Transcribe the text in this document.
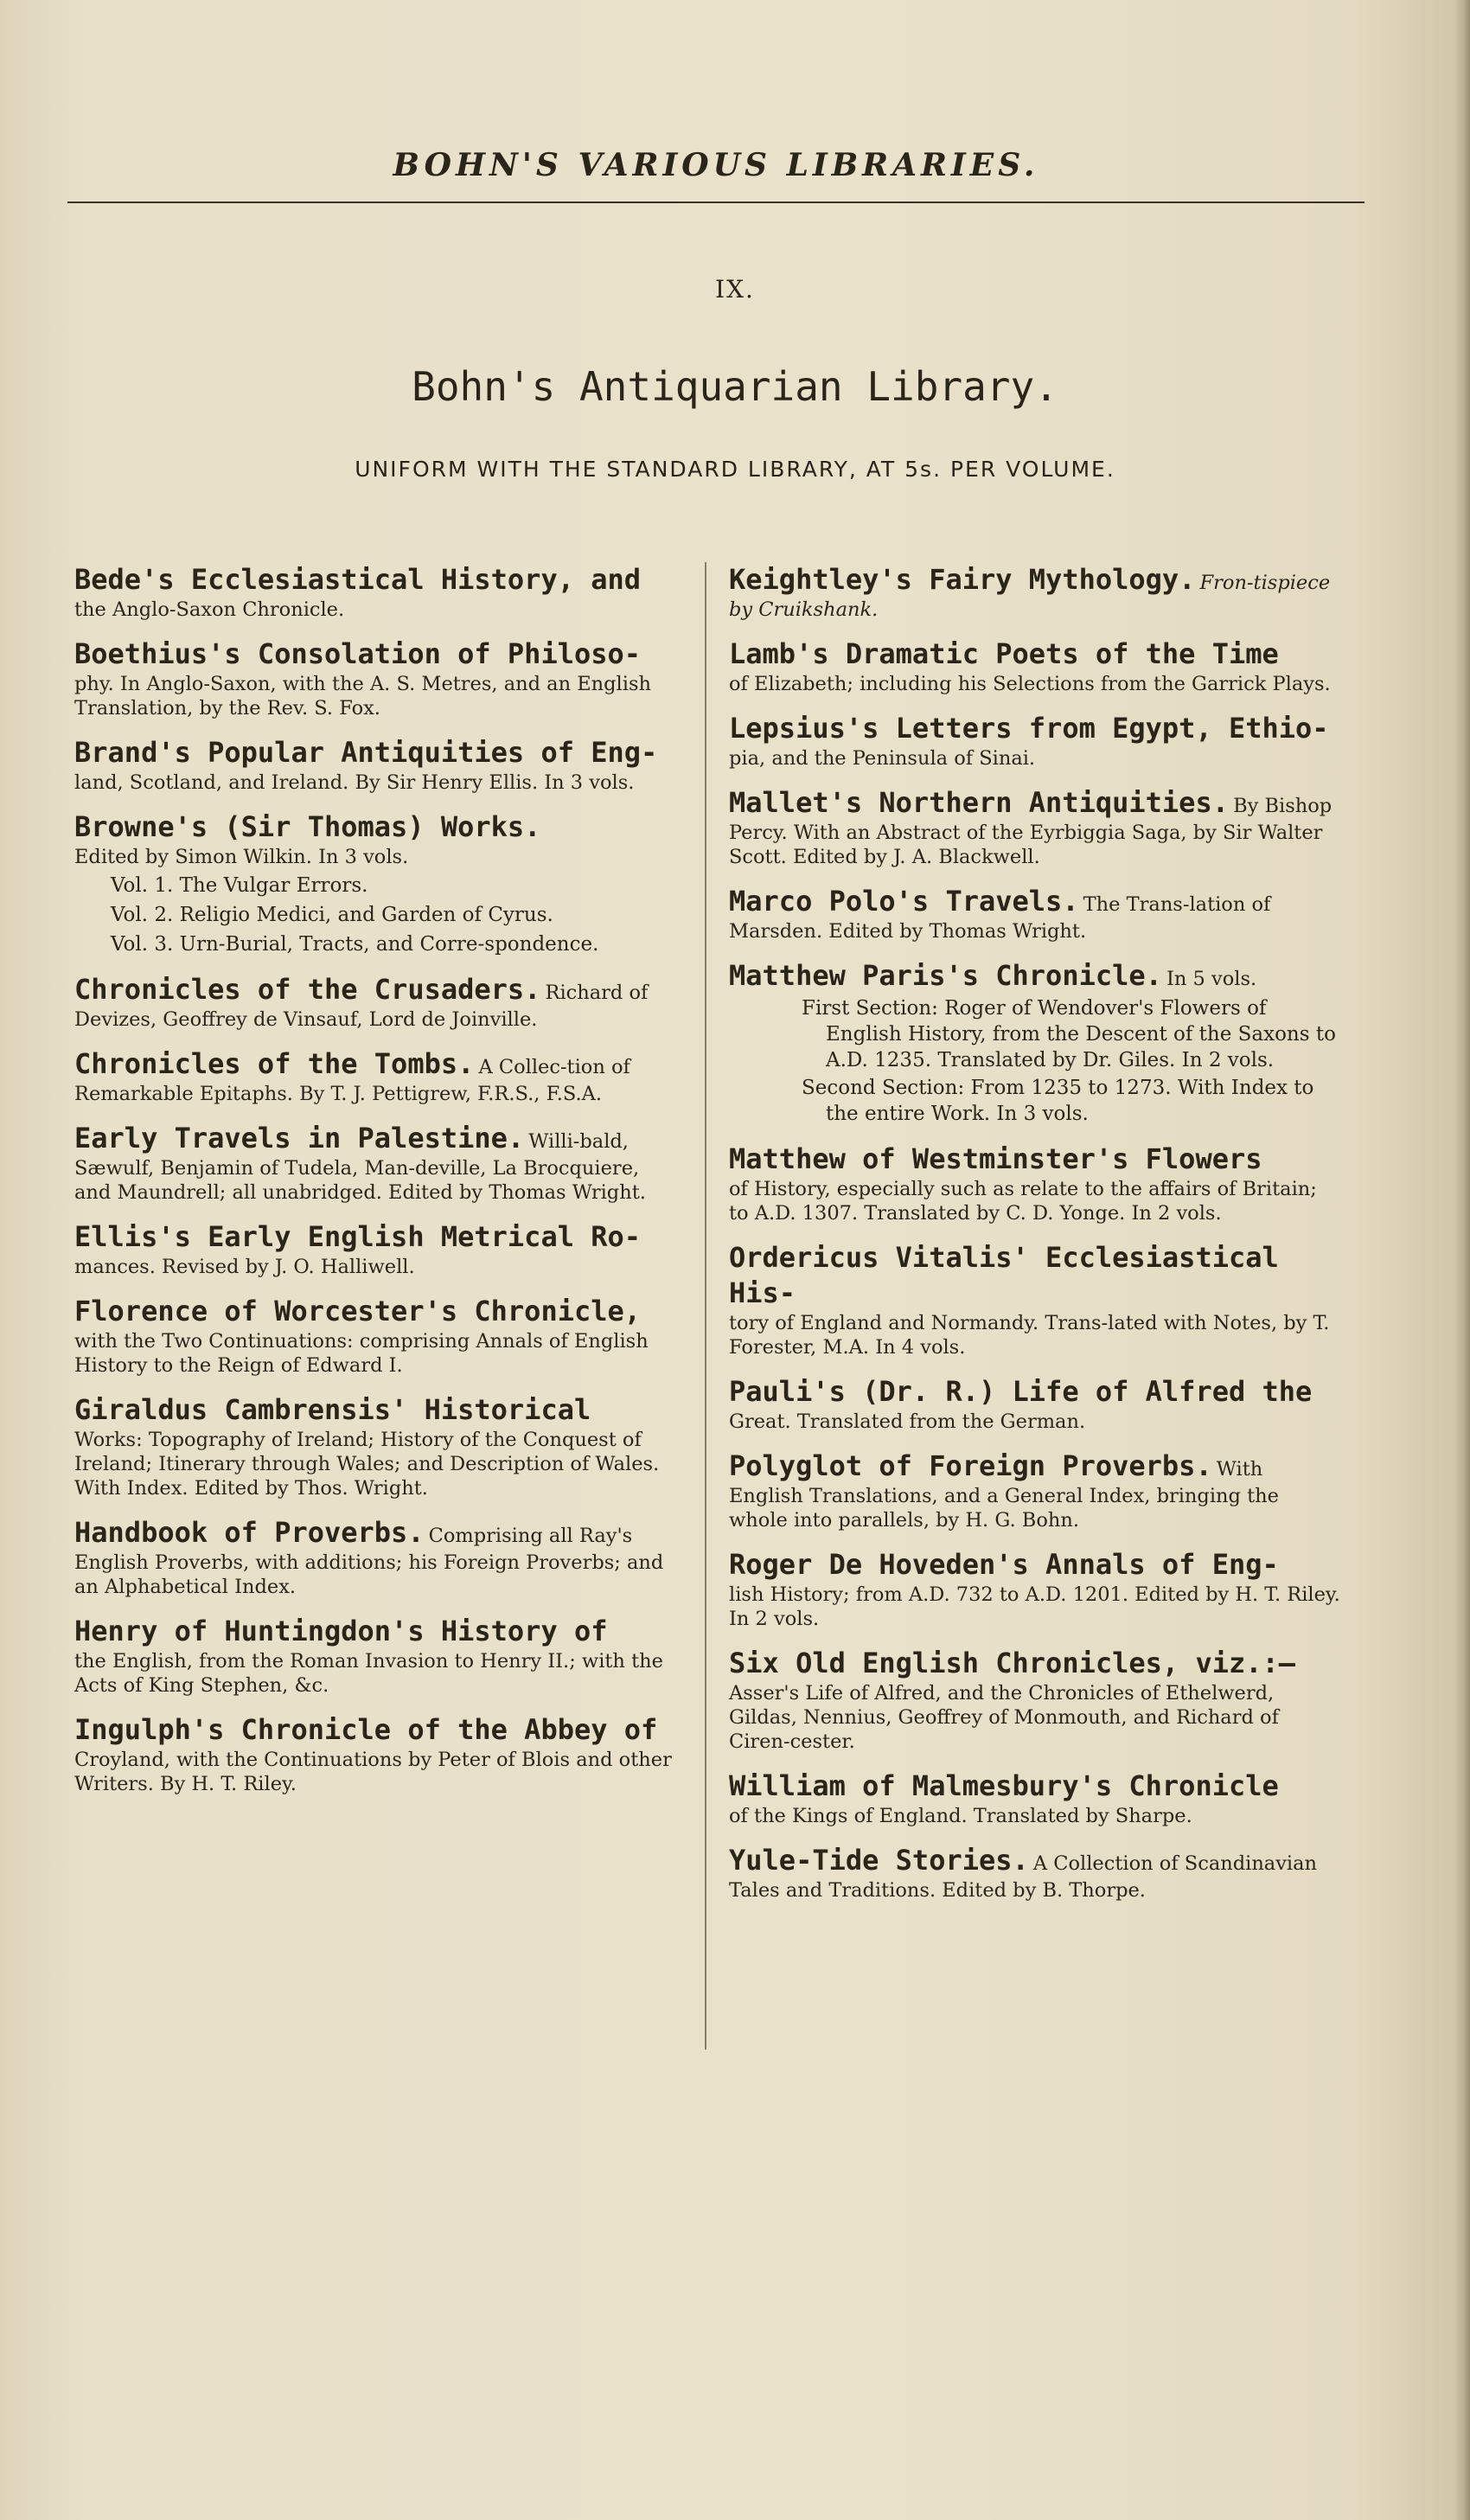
BOHN'S VARIOUS LIBRARIES.
IX.
Bohn's Antiquarian Library.
UNIFORM WITH THE STANDARD LIBRARY, AT 5s. PER VOLUME.
Bede's Ecclesiastical History, and
the Anglo-Saxon Chronicle.
Boethius's Consolation of Philoso-
phy. In Anglo-Saxon, with the A. S. Metres, and an English Translation, by the Rev. S. Fox.
Brand's Popular Antiquities of Eng-
land, Scotland, and Ireland. By Sir Henry Ellis. In 3 vols.
Browne's (Sir Thomas) Works.
Edited by Simon Wilkin. In 3 vols.
Vol. 1. The Vulgar Errors.
Vol. 2. Religio Medici, and Garden of Cyrus.
Vol. 3. Urn-Burial, Tracts, and Corre-spondence.
Chronicles of the Crusaders. Richard of Devizes, Geoffrey de Vinsauf, Lord de Joinville.
Chronicles of the Tombs. A Collec-tion of Remarkable Epitaphs. By T. J. Pettigrew, F.R.S., F.S.A.
Early Travels in Palestine. Willi-bald, Sæwulf, Benjamin of Tudela, Man-deville, La Brocquiere, and Maundrell; all unabridged. Edited by Thomas Wright.
Ellis's Early English Metrical Ro-
mances. Revised by J. O. Halliwell.
Florence of Worcester's Chronicle,
with the Two Continuations: comprising Annals of English History to the Reign of Edward I.
Giraldus Cambrensis' Historical
Works: Topography of Ireland; History of the Conquest of Ireland; Itinerary through Wales; and Description of Wales. With Index. Edited by Thos. Wright.
Handbook of Proverbs. Comprising all Ray's English Proverbs, with additions; his Foreign Proverbs; and an Alphabetical Index.
Henry of Huntingdon's History of
the English, from the Roman Invasion to Henry II.; with the Acts of King Stephen, &c.
Ingulph's Chronicle of the Abbey of
Croyland, with the Continuations by Peter of Blois and other Writers. By H. T. Riley.
Keightley's Fairy Mythology. Fron-tispiece by Cruikshank.
Lamb's Dramatic Poets of the Time
of Elizabeth; including his Selections from the Garrick Plays.
Lepsius's Letters from Egypt, Ethio-
pia, and the Peninsula of Sinai.
Mallet's Northern Antiquities. By Bishop Percy. With an Abstract of the Eyrbiggia Saga, by Sir Walter Scott. Edited by J. A. Blackwell.
Marco Polo's Travels. The Trans-lation of Marsden. Edited by Thomas Wright.
Matthew Paris's Chronicle. In 5 vols.
First Section: Roger of Wendover's Flowers of English History, from the Descent of the Saxons to A.D. 1235. Translated by Dr. Giles. In 2 vols.
Second Section: From 1235 to 1273. With Index to the entire Work. In 3 vols.
Matthew of Westminster's Flowers
of History, especially such as relate to the affairs of Britain; to A.D. 1307. Translated by C. D. Yonge. In 2 vols.
Ordericus Vitalis' Ecclesiastical His-
tory of England and Normandy. Trans-lated with Notes, by T. Forester, M.A. In 4 vols.
Pauli's (Dr. R.) Life of Alfred the
Great. Translated from the German.
Polyglot of Foreign Proverbs. With English Translations, and a General Index, bringing the whole into parallels, by H. G. Bohn.
Roger De Hoveden's Annals of Eng-
lish History; from A.D. 732 to A.D. 1201. Edited by H. T. Riley. In 2 vols.
Six Old English Chronicles, viz.:—
Asser's Life of Alfred, and the Chronicles of Ethelwerd, Gildas, Nennius, Geoffrey of Monmouth, and Richard of Ciren-cester.
William of Malmesbury's Chronicle
of the Kings of England. Translated by Sharpe.
Yule-Tide Stories. A Collection of Scandinavian Tales and Traditions. Edited by B. Thorpe.
